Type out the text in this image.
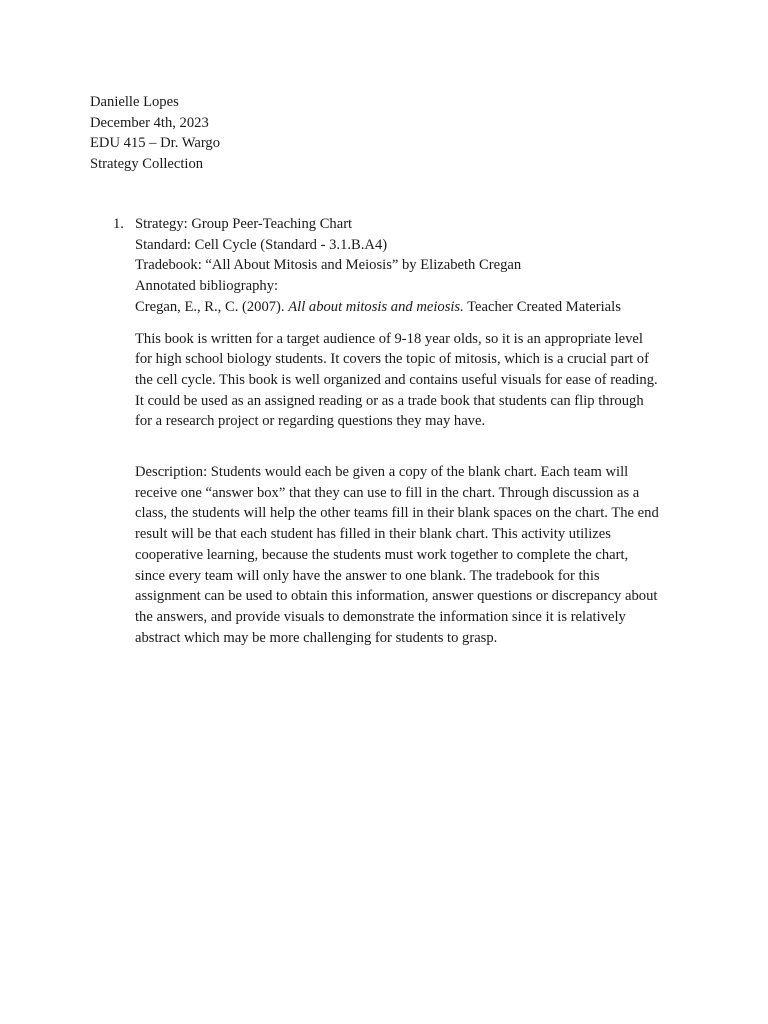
Danielle Lopes
December 4th, 2023
EDU 415 – Dr. Wargo
Strategy Collection
1. Strategy: Group Peer-Teaching Chart
Standard: Cell Cycle (Standard - 3.1.B.A4)
Tradebook: “All About Mitosis and Meiosis” by Elizabeth Cregan
Annotated bibliography:
Cregan, E., R., C. (2007). All about mitosis and meiosis. Teacher Created Materials

This book is written for a target audience of 9-18 year olds, so it is an appropriate level
for high school biology students. It covers the topic of mitosis, which is a crucial part of
the cell cycle. This book is well organized and contains useful visuals for ease of reading.
It could be used as an assigned reading or as a trade book that students can flip through
for a research project or regarding questions they may have.

Description: Students would each be given a copy of the blank chart. Each team will
receive one “answer box” that they can use to fill in the chart. Through discussion as a
class, the students will help the other teams fill in their blank spaces on the chart. The end
result will be that each student has filled in their blank chart. This activity utilizes
cooperative learning, because the students must work together to complete the chart,
since every team will only have the answer to one blank. The tradebook for this
assignment can be used to obtain this information, answer questions or discrepancy about
the answers, and provide visuals to demonstrate the information since it is relatively
abstract which may be more challenging for students to grasp.
